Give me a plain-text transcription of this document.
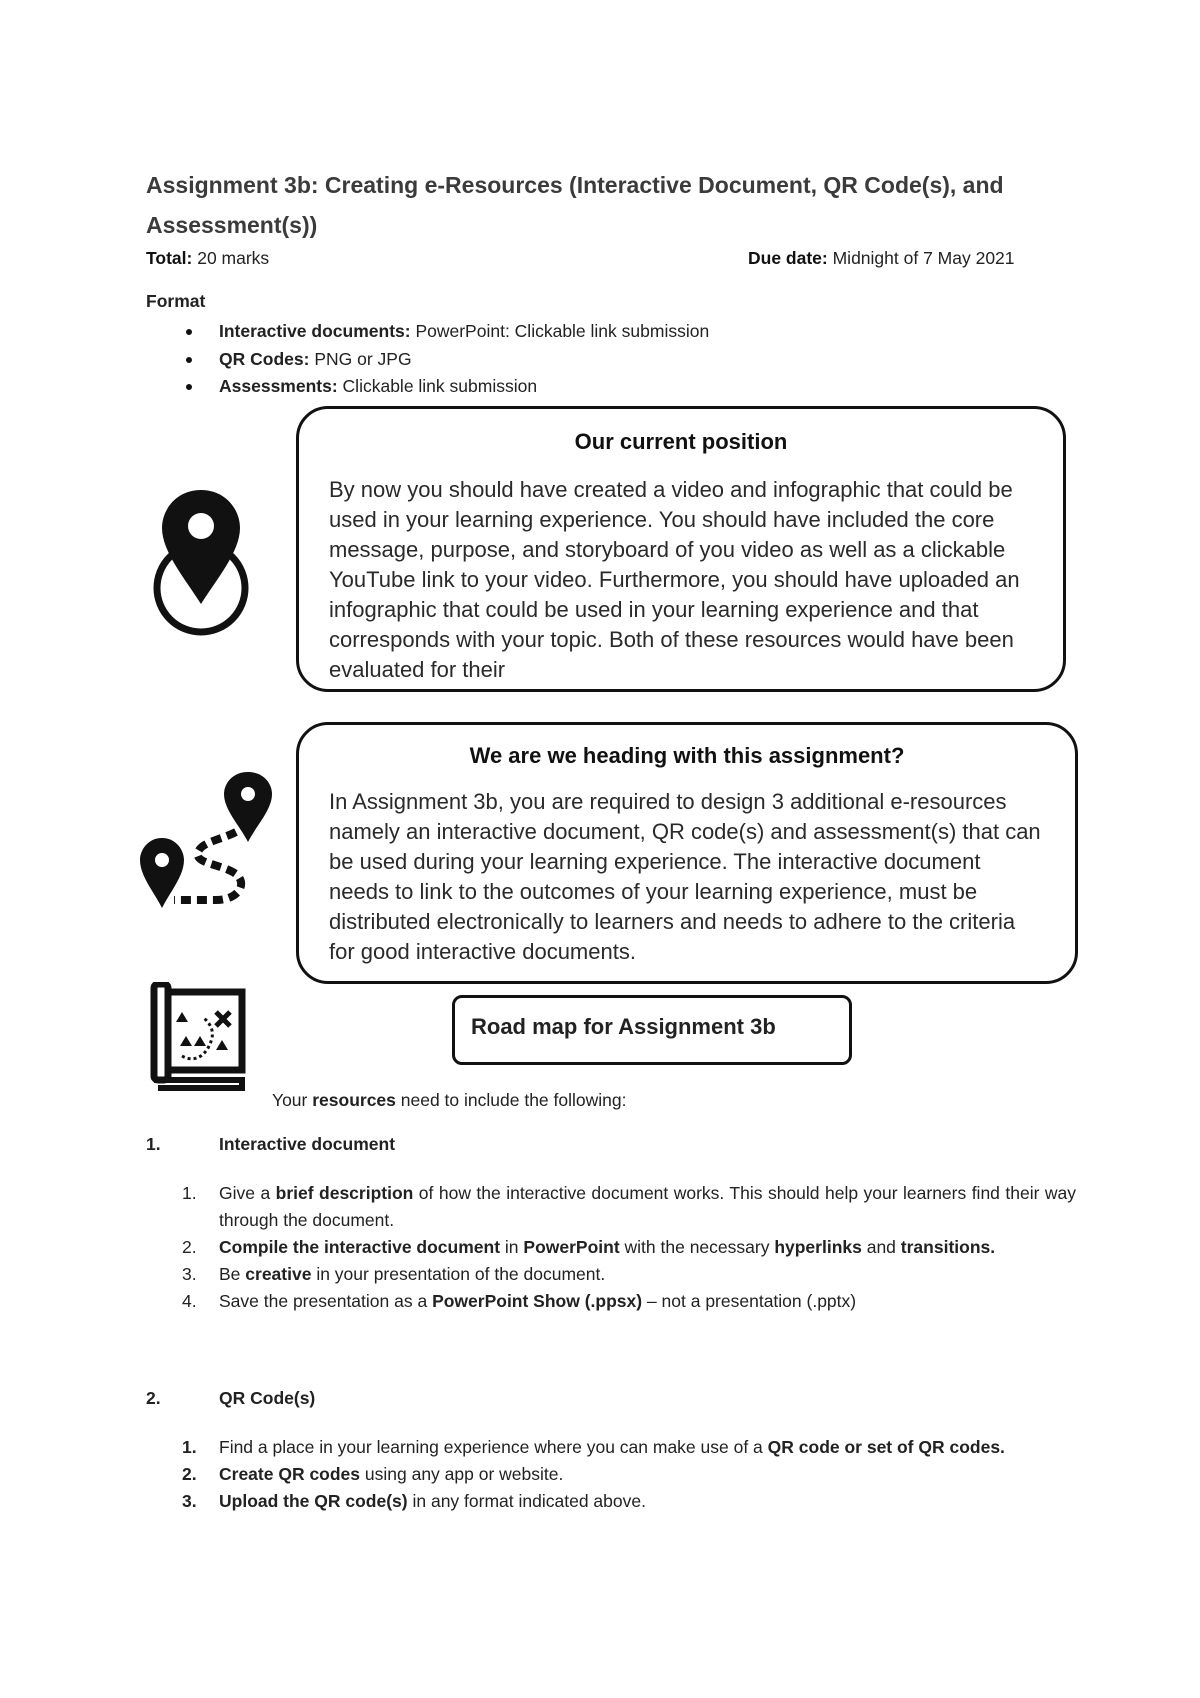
Assignment 3b: Creating e-Resources (Interactive Document, QR Code(s), and Assessment(s))
Total: 20 marks	Due date: Midnight of 7 May 2021
Format
Interactive documents: PowerPoint: Clickable link submission
QR Codes: PNG or JPG
Assessments: Clickable link submission
Our current position
By now you should have created a video and infographic that could be used in your learning experience. You should have included the core message, purpose, and storyboard of you video as well as a clickable YouTube link to your video. Furthermore, you should have uploaded an infographic that could be used in your learning experience and that corresponds with your topic. Both of these resources would have been evaluated for their
We are we heading with this assignment?
In Assignment 3b, you are required to design 3 additional e-resources namely an interactive document, QR code(s) and assessment(s) that can be used during your learning experience. The interactive document needs to link to the outcomes of your learning experience, must be distributed electronically to learners and needs to adhere to the criteria for good interactive documents.
Road map for Assignment 3b
Your resources need to include the following:
1.	Interactive document
1. Give a brief description of how the interactive document works. This should help your learners find their way through the document.
2. Compile the interactive document in PowerPoint with the necessary hyperlinks and transitions.
3. Be creative in your presentation of the document.
4. Save the presentation as a PowerPoint Show (.ppsx) – not a presentation (.pptx)
2.	QR Code(s)
1. Find a place in your learning experience where you can make use of a QR code or set of QR codes.
2. Create QR codes using any app or website.
3. Upload the QR code(s) in any format indicated above.
